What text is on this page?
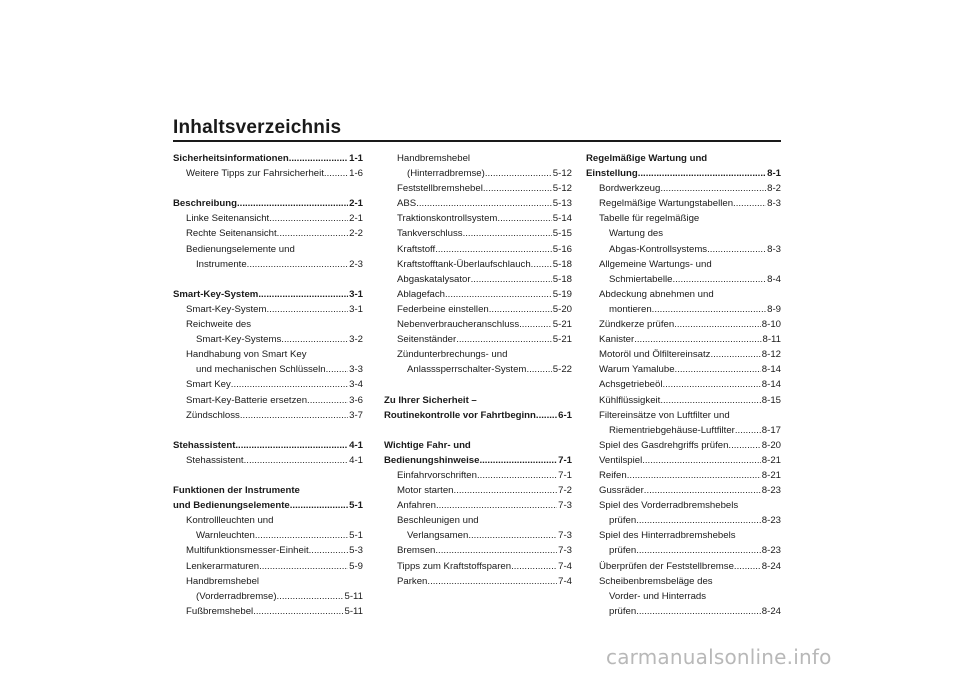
Inhaltsverzeichnis
Sicherheitsinformationen .....	1-1
Weitere Tipps zur Fahrsicherheit .....	1-6
Beschreibung .....	2-1
Linke Seitenansicht .....	2-1
Rechte Seitenansicht .....	2-2
Bedienungselemente und
Instrumente .....	2-3
Smart-Key-System .....	3-1
Smart-Key-System .....	3-1
Reichweite des
Smart-Key-Systems .....	3-2
Handhabung von Smart Key
und mechanischen Schlüsseln ..... 3-3
Smart Key .....	3-4
Smart-Key-Batterie ersetzen .....	3-6
Zündschloss .....	3-7
Stehassistent .....	4-1
Stehassistent .....	4-1
Funktionen der Instrumente
und Bedienungselemente .....	5-1
Kontrollleuchten und
Warnleuchten .....	5-1
Multifunktionsmesser-Einheit .....	5-3
Lenkerarmaturen .....	5-9
Handbremshebel
(Vorderradbremse) .....	5-11
Fußbremshebel .....	5-11
Handbremshebel
(Hinterradbremse) .....	5-12
Feststellbremshebel .....	5-12
ABS .....	5-13
Traktionskontrollsystem .....	5-14
Tankverschluss .....	5-15
Kraftstoff .....	5-16
Kraftstofftank-Überlaufschlauch ..... 5-18
Abgaskatalysator .....	5-18
Ablagefach .....	5-19
Federbeine einstellen .....	5-20
Nebenverbraucheranschluss .....	5-21
Seitenständer .....	5-21
Zündunterbrechungs- und
Anlasssperrschalter-System .....	5-22
Zu Ihrer Sicherheit –
Routinekontrolle vor Fahrtbeginn ..... 6-1
Wichtige Fahr- und
Bedienungshinweise .....	7-1
Einfahrvorschriften .....	7-1
Motor starten .....	7-2
Anfahren .....	7-3
Beschleunigen und
Verlangsamen .....	7-3
Bremsen .....	7-3
Tipps zum Kraftstoffsparen .....	7-4
Parken .....	7-4
Regelmäßige Wartung und
Einstellung .....	8-1
Bordwerkzeug .....	8-2
Regelmäßige Wartungstabellen .....	8-3
Tabelle für regelmäßige
Wartung des
Abgas-Kontrollsystems .....	8-3
Allgemeine Wartungs- und
Schmiertabelle .....	8-4
Abdeckung abnehmen und
montieren .....	8-9
Zündkerze prüfen .....	8-10
Kanister .....	8-11
Motoröl und Ölfiltereinsatz .....	8-12
Warum Yamalube .....	8-14
Achsgetriebeöl .....	8-14
Kühlflüssigkeit .....	8-15
Filtereinsätze von Luftfilter und
Riementriebgehäuse-Luftfilter .....	8-17
Spiel des Gasdrehgriffs prüfen .....	8-20
Ventilspiel .....	8-21
Reifen .....	8-21
Gussräder .....	8-23
Spiel des Vorderradbremshebels
prüfen .....	8-23
Spiel des Hinterradbremshebels
prüfen .....	8-23
Überprüfen der Feststellbremse .....	8-24
Scheibenbremsbeläge des
Vorder- und Hinterrads
prüfen .....	8-24
carmanualsonline.info
